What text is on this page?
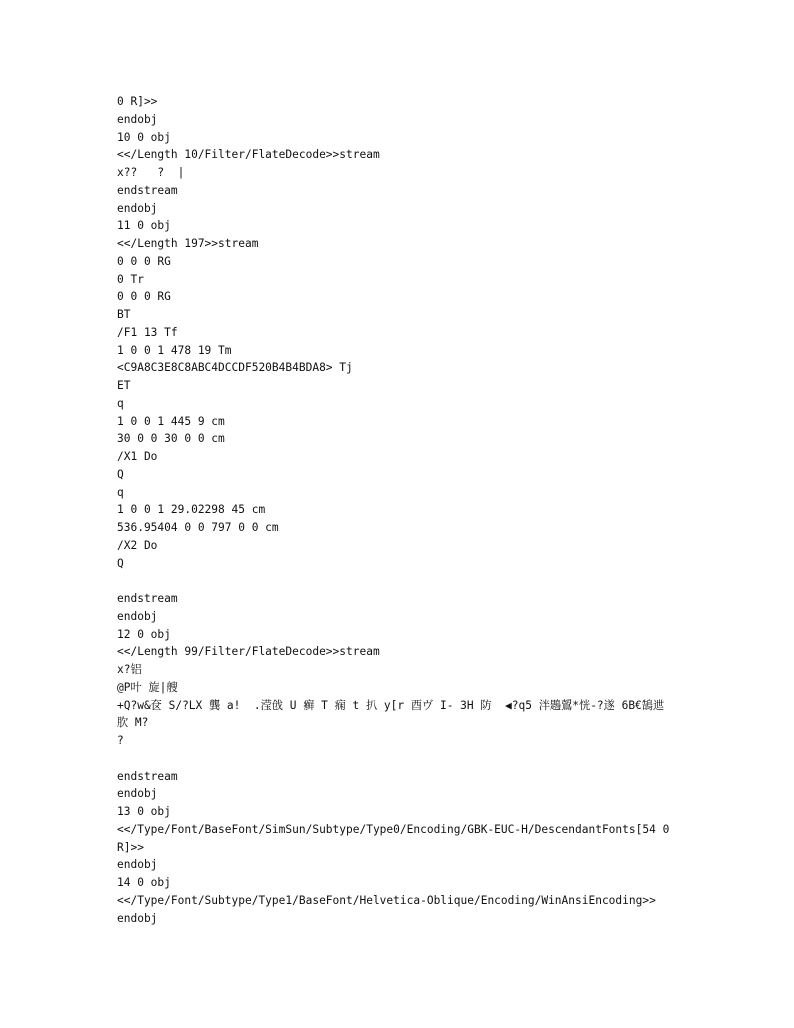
0 R]>>
endobj
10 0 obj
<</Length 10/Filter/FlateDecode>>stream
x??   ?  |
endstream
endobj
11 0 obj
<</Length 197>>stream
0 0 0 RG
0 Tr
0 0 0 RG
BT
/F1 13 Tf
1 0 0 1 478 19 Tm
<C9A8C3E8C8ABC4DCCDF520B4B4BDA8> Tj
ET
q
1 0 0 1 445 9 cm
30 0 0 30 0 0 cm
/X1 Do
Q
q
1 0 0 1 29.02298 45 cm
536.95404 0 0 797 0 0 cm
/X2 Do
Q
endstream
endobj
12 0 obj
<</Length 99/Filter/FlateDecode>>stream
x?铝
@P叶 旋|艘
+Q?w&奁 S/?LX 龔 a!  .滢戗 U 癣 T 痫 t 扒 y[r 酉ヴ I- 3H 防  ◀?q5 泮鶗鶦*恍-?遂 6B€鵠迣
肷 M?
?
endstream
endobj
13 0 obj
<</Type/Font/BaseFont/SimSun/Subtype/Type0/Encoding/GBK-EUC-H/DescendantFonts[54 0
R]>>
endobj
14 0 obj
<</Type/Font/Subtype/Type1/BaseFont/Helvetica-Oblique/Encoding/WinAnsiEncoding>>
endobj
